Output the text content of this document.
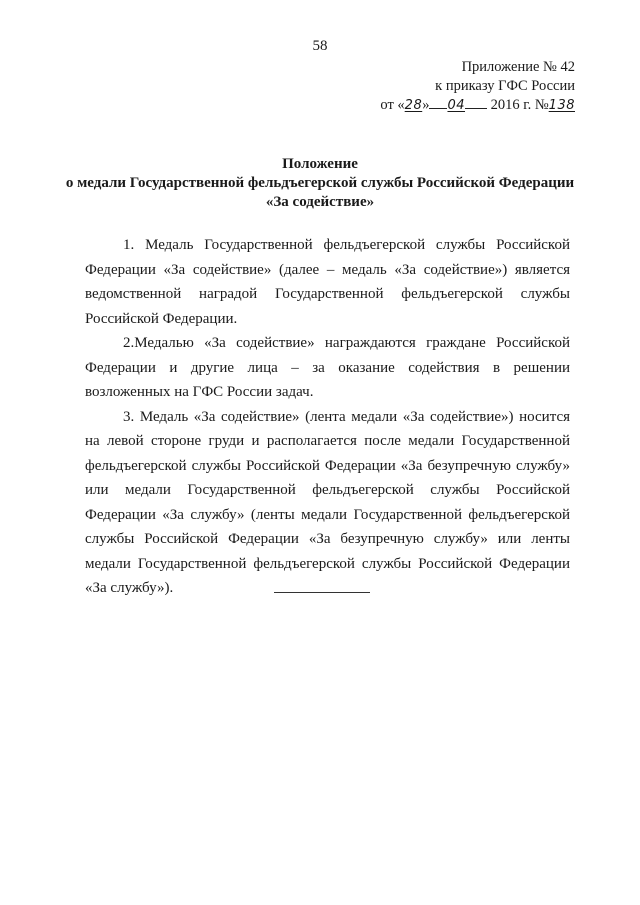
58
Приложение № 42
к приказу ГФС России
от «28» 04 2016 г. №138
Положение
о медали Государственной фельдъегерской службы Российской Федерации
«За содействие»

1. Медаль Государственной фельдъегерской службы Российской Федерации «За содействие» (далее – медаль «За содействие») является ведомственной наградой Государственной фельдъегерской службы Российской Федерации.

2.Медалью «За содействие» награждаются граждане Российской Федерации и другие лица – за оказание содействия в решении возложенных на ГФС России задач.

3. Медаль «За содействие» (лента медали «За содействие») носится на левой стороне груди и располагается после медали Государственной фельдъегерской службы Российской Федерации «За безупречную службу» или медали Государственной фельдъегерской службы Российской Федерации «За службу» (ленты медали Государственной фельдъегерской службы Российской Федерации «За безупречную службу» или ленты медали Государственной фельдъегерской службы Российской Федерации «За службу»).
